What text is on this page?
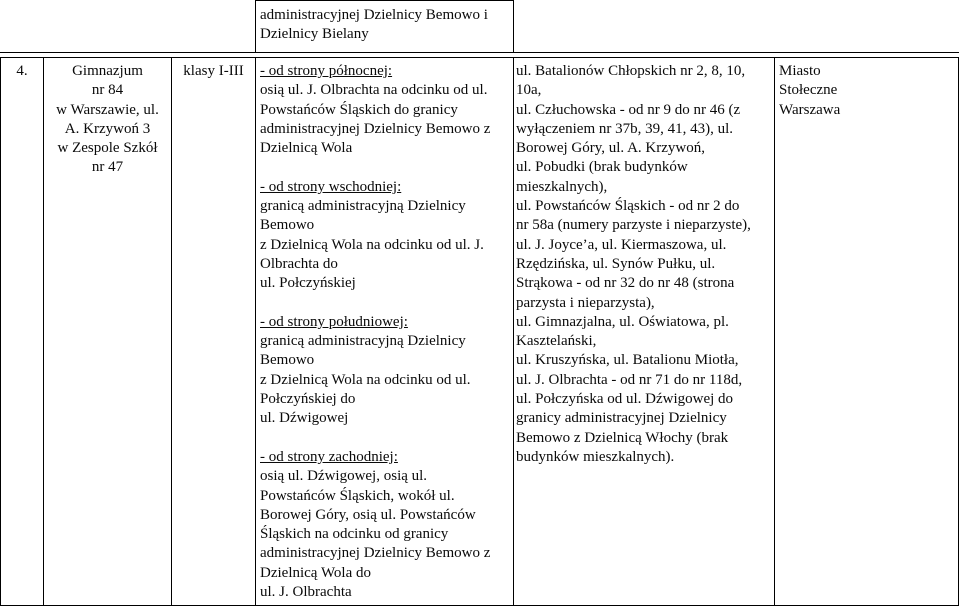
administracyjnej Dzielnicy Bemowo i
Dzielnicy Bielany
4.	Gimnazjum
nr 84
w Warszawie, ul.
A. Krzywoń 3
w Zespole Szkół
nr 47
klasy I-III	- od strony północnej:
osią ul. J. Olbrachta na odcinku od ul.
Powstańców Śląskich do granicy
administracyjnej Dzielnicy Bemowo z
Dzielnicą Wola
- od strony wschodniej:
granicą administracyjną Dzielnicy
Bemowo
z Dzielnicą Wola na odcinku od ul. J.
Olbrachta do
ul. Połczyńskiej
- od strony południowej:
granicą administracyjną Dzielnicy
Bemowo
z Dzielnicą Wola na odcinku od ul.
Połczyńskiej do
ul. Dźwigowej
- od strony zachodniej:
osią ul. Dźwigowej, osią ul.
Powstańców Śląskich, wokół ul.
Borowej Góry, osią ul. Powstańców
Śląskich na odcinku od granicy
administracyjnej Dzielnicy Bemowo z
Dzielnicą Wola do
ul. J. Olbrachta
ul. Batalionów Chłopskich nr 2, 8, 10,
10a,
ul. Człuchowska - od nr 9 do nr 46 (z
wyłączeniem nr 37b, 39, 41, 43), ul.
Borowej Góry, ul. A. Krzywoń,
ul. Pobudki (brak budynków
mieszkalnych),
ul. Powstańców Śląskich - od nr 2 do
nr 58a (numery parzyste i nieparzyste),
ul. J. Joyce’a, ul. Kiermaszowa, ul.
Rzędzińska, ul. Synów Pułku, ul.
Strąkowa - od nr 32 do nr 48 (strona
parzysta i nieparzysta),
ul. Gimnazjalna, ul. Oświatowa, pl.
Kasztelański,
ul. Kruszyńska, ul. Batalionu Miotła,
ul. J. Olbrachta - od nr 71 do nr 118d,
ul. Połczyńska od ul. Dźwigowej do
granicy administracyjnej Dzielnicy
Bemowo z Dzielnicą Włochy (brak
budynków mieszkalnych).
Miasto
Stołeczne
Warszawa
